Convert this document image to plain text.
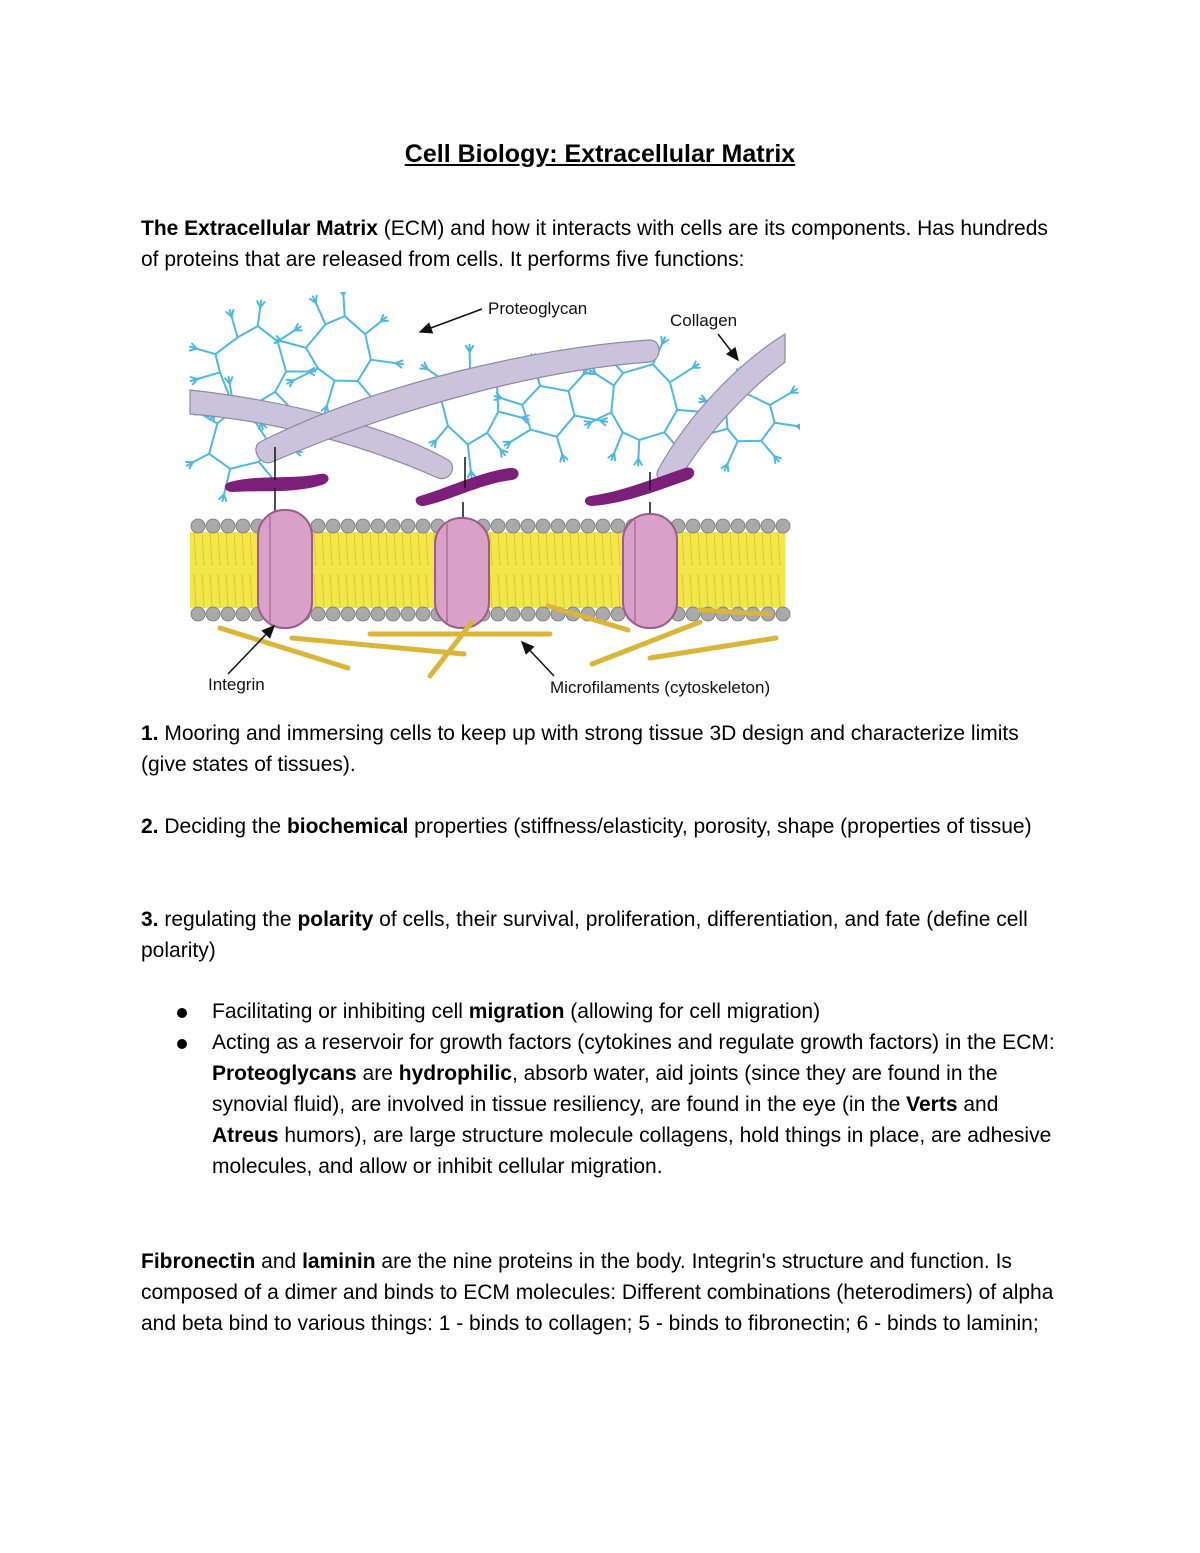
Cell Biology: Extracellular Matrix

The Extracellular Matrix (ECM) and how it interacts with cells are its components. Has hundreds of proteins that are released from cells. It performs five functions:

Proteoglycan
Collagen
Integrin	Microfilaments (cytoskeleton)

1. Mooring and immersing cells to keep up with strong tissue 3D design and characterize limits (give states of tissues).

2. Deciding the biochemical properties (stiffness/elasticity, porosity, shape (properties of tissue)

3. regulating the polarity of cells, their survival, proliferation, differentiation, and fate (define cell polarity)

Facilitating or inhibiting cell migration (allowing for cell migration)
Acting as a reservoir for growth factors (cytokines and regulate growth factors) in the ECM: Proteoglycans are hydrophilic, absorb water, aid joints (since they are found in the synovial fluid), are involved in tissue resiliency, are found in the eye (in the Verts and Atreus humors), are large structure molecule collagens, hold things in place, are adhesive molecules, and allow or inhibit cellular migration.

Fibronectin and laminin are the nine proteins in the body. Integrin's structure and function. Is composed of a dimer and binds to ECM molecules: Different combinations (heterodimers) of alpha and beta bind to various things: 1 - binds to collagen; 5 - binds to fibronectin; 6 - binds to laminin;
